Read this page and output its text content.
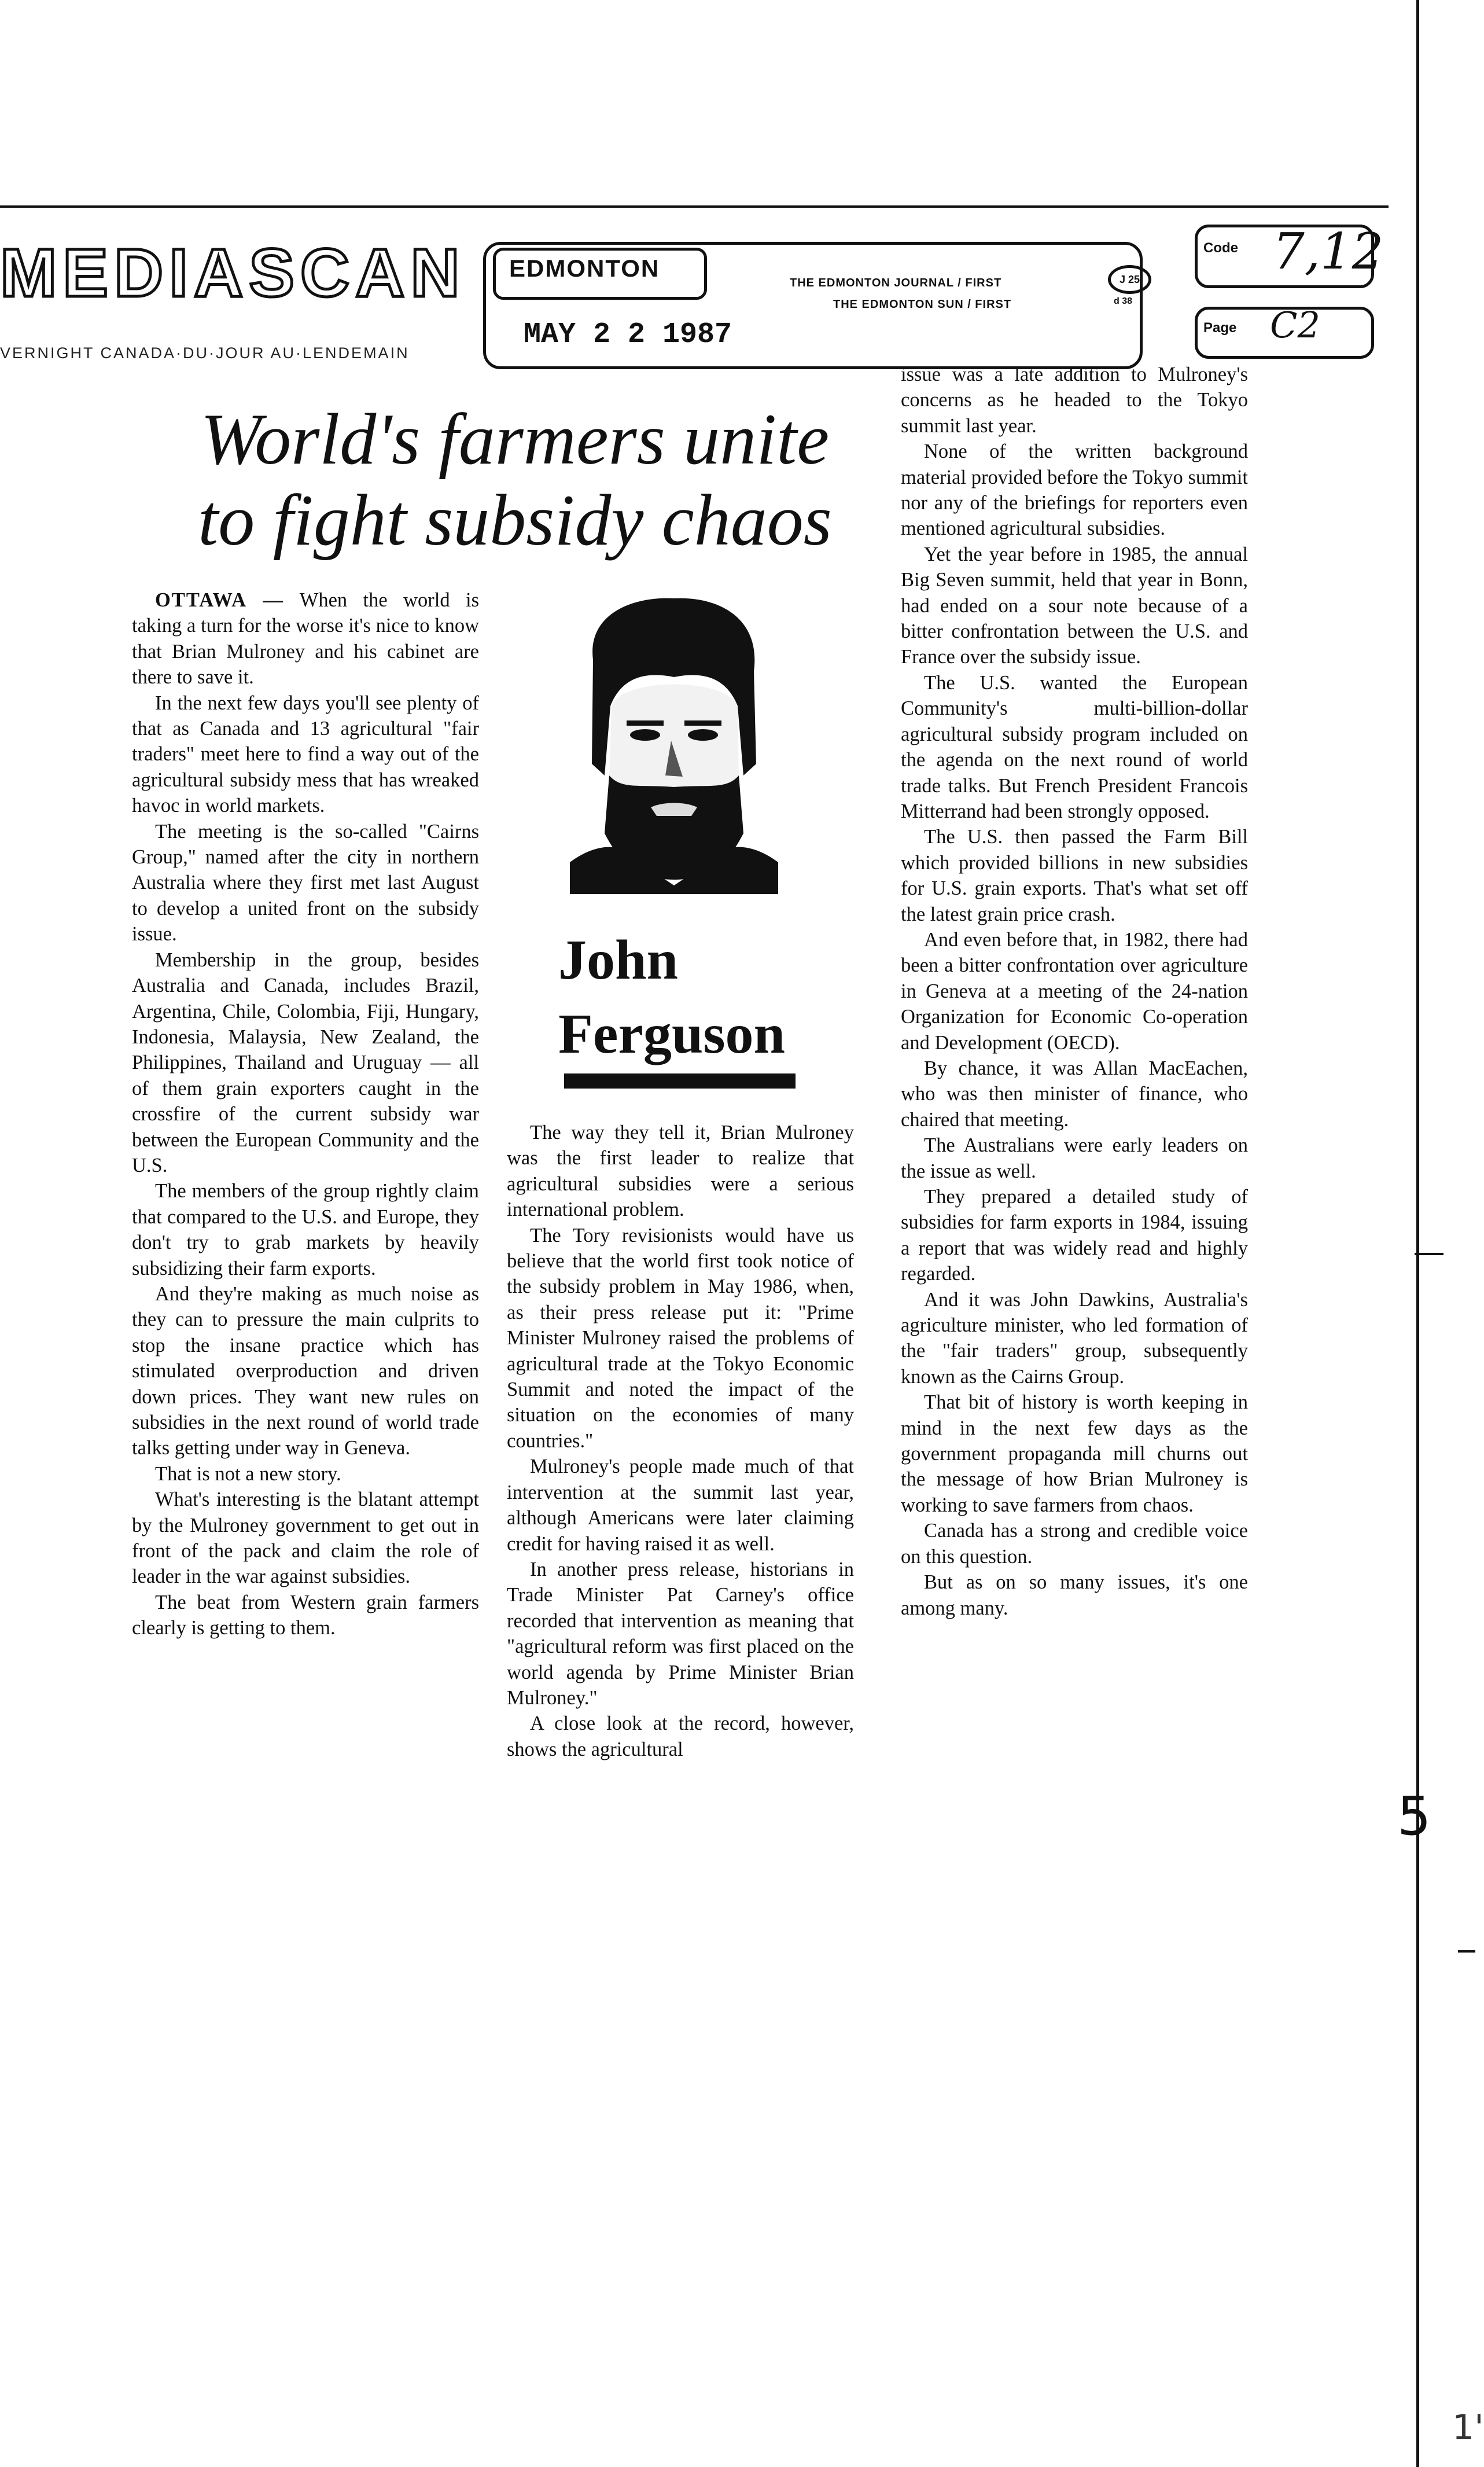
MEDIASCAN
VERNIGHT CANADA·DU·JOUR AU·LENDEMAIN
EDMONTON
MAY 2 2 1987
THE EDMONTON JOURNAL / FIRST
THE EDMONTON SUN / FIRST
J 25
d 38
Code 7,12
Page C2
World's farmers unite
to fight subsidy chaos

OTTAWA — When the world is taking a turn for the worse it's nice to know that Brian Mulroney and his cabinet are there to save it.

In the next few days you'll see plenty of that as Canada and 13 agricultural "fair traders" meet here to find a way out of the agricultural subsidy mess that has wreaked havoc in world markets.

The meeting is the so-called "Cairns Group," named after the city in northern Australia where they first met last August to develop a united front on the subsidy issue.

Membership in the group, besides Australia and Canada, includes Brazil, Argentina, Chile, Colombia, Fiji, Hungary, Indonesia, Malaysia, New Zealand, the Philippines, Thailand and Uruguay — all of them grain exporters caught in the crossfire of the current subsidy war between the European Community and the U.S.

The members of the group rightly claim that compared to the U.S. and Europe, they don't try to grab markets by heavily subsidizing their farm exports.

And they're making as much noise as they can to pressure the main culprits to stop the insane practice which has stimulated overproduction and driven down prices. They want new rules on subsidies in the next round of world trade talks getting under way in Geneva.

That is not a new story.

What's interesting is the blatant attempt by the Mulroney government to get out in front of the pack and claim the role of leader in the war against subsidies.

The beat from Western grain farmers clearly is getting to them.

John
Ferguson

The way they tell it, Brian Mulroney was the first leader to realize that agricultural subsidies were a serious international problem.

The Tory revisionists would have us believe that the world first took notice of the subsidy problem in May 1986, when, as their press release put it: "Prime Minister Mulroney raised the problems of agricultural trade at the Tokyo Economic Summit and noted the impact of the situation on the economies of many countries."

Mulroney's people made much of that intervention at the summit last year, although Americans were later claiming credit for having raised it as well.

In another press release, historians in Trade Minister Pat Carney's office recorded that intervention as meaning that "agricultural reform was first placed on the world agenda by Prime Minister Brian Mulroney."

A close look at the record, however, shows the agricultural

issue was a late addition to Mulroney's concerns as he headed to the Tokyo summit last year.

None of the written background material provided before the Tokyo summit nor any of the briefings for reporters even mentioned agricultural subsidies.

Yet the year before in 1985, the annual Big Seven summit, held that year in Bonn, had ended on a sour note because of a bitter confrontation between the U.S. and France over the subsidy issue.

The U.S. wanted the European Community's multi-billion-dollar agricultural subsidy program included on the agenda on the next round of world trade talks. But French President Francois Mitterrand had been strongly opposed.

The U.S. then passed the Farm Bill which provided billions in new subsidies for U.S. grain exports. That's what set off the latest grain price crash.

And even before that, in 1982, there had been a bitter confrontation over agriculture in Geneva at a meeting of the 24-nation Organization for Economic Co-operation and Development (OECD).

By chance, it was Allan MacEachen, who was then minister of finance, who chaired that meeting.

The Australians were early leaders on the issue as well.

They prepared a detailed study of subsidies for farm exports in 1984, issuing a report that was widely read and highly regarded.

And it was John Dawkins, Australia's agriculture minister, who led formation of the "fair traders" group, subsequently known as the Cairns Group.

That bit of history is worth keeping in mind in the next few days as the government propaganda mill churns out the message of how Brian Mulroney is working to save farmers from chaos.

Canada has a strong and credible voice on this question.

But as on so many issues, it's one among many.

5
1'
